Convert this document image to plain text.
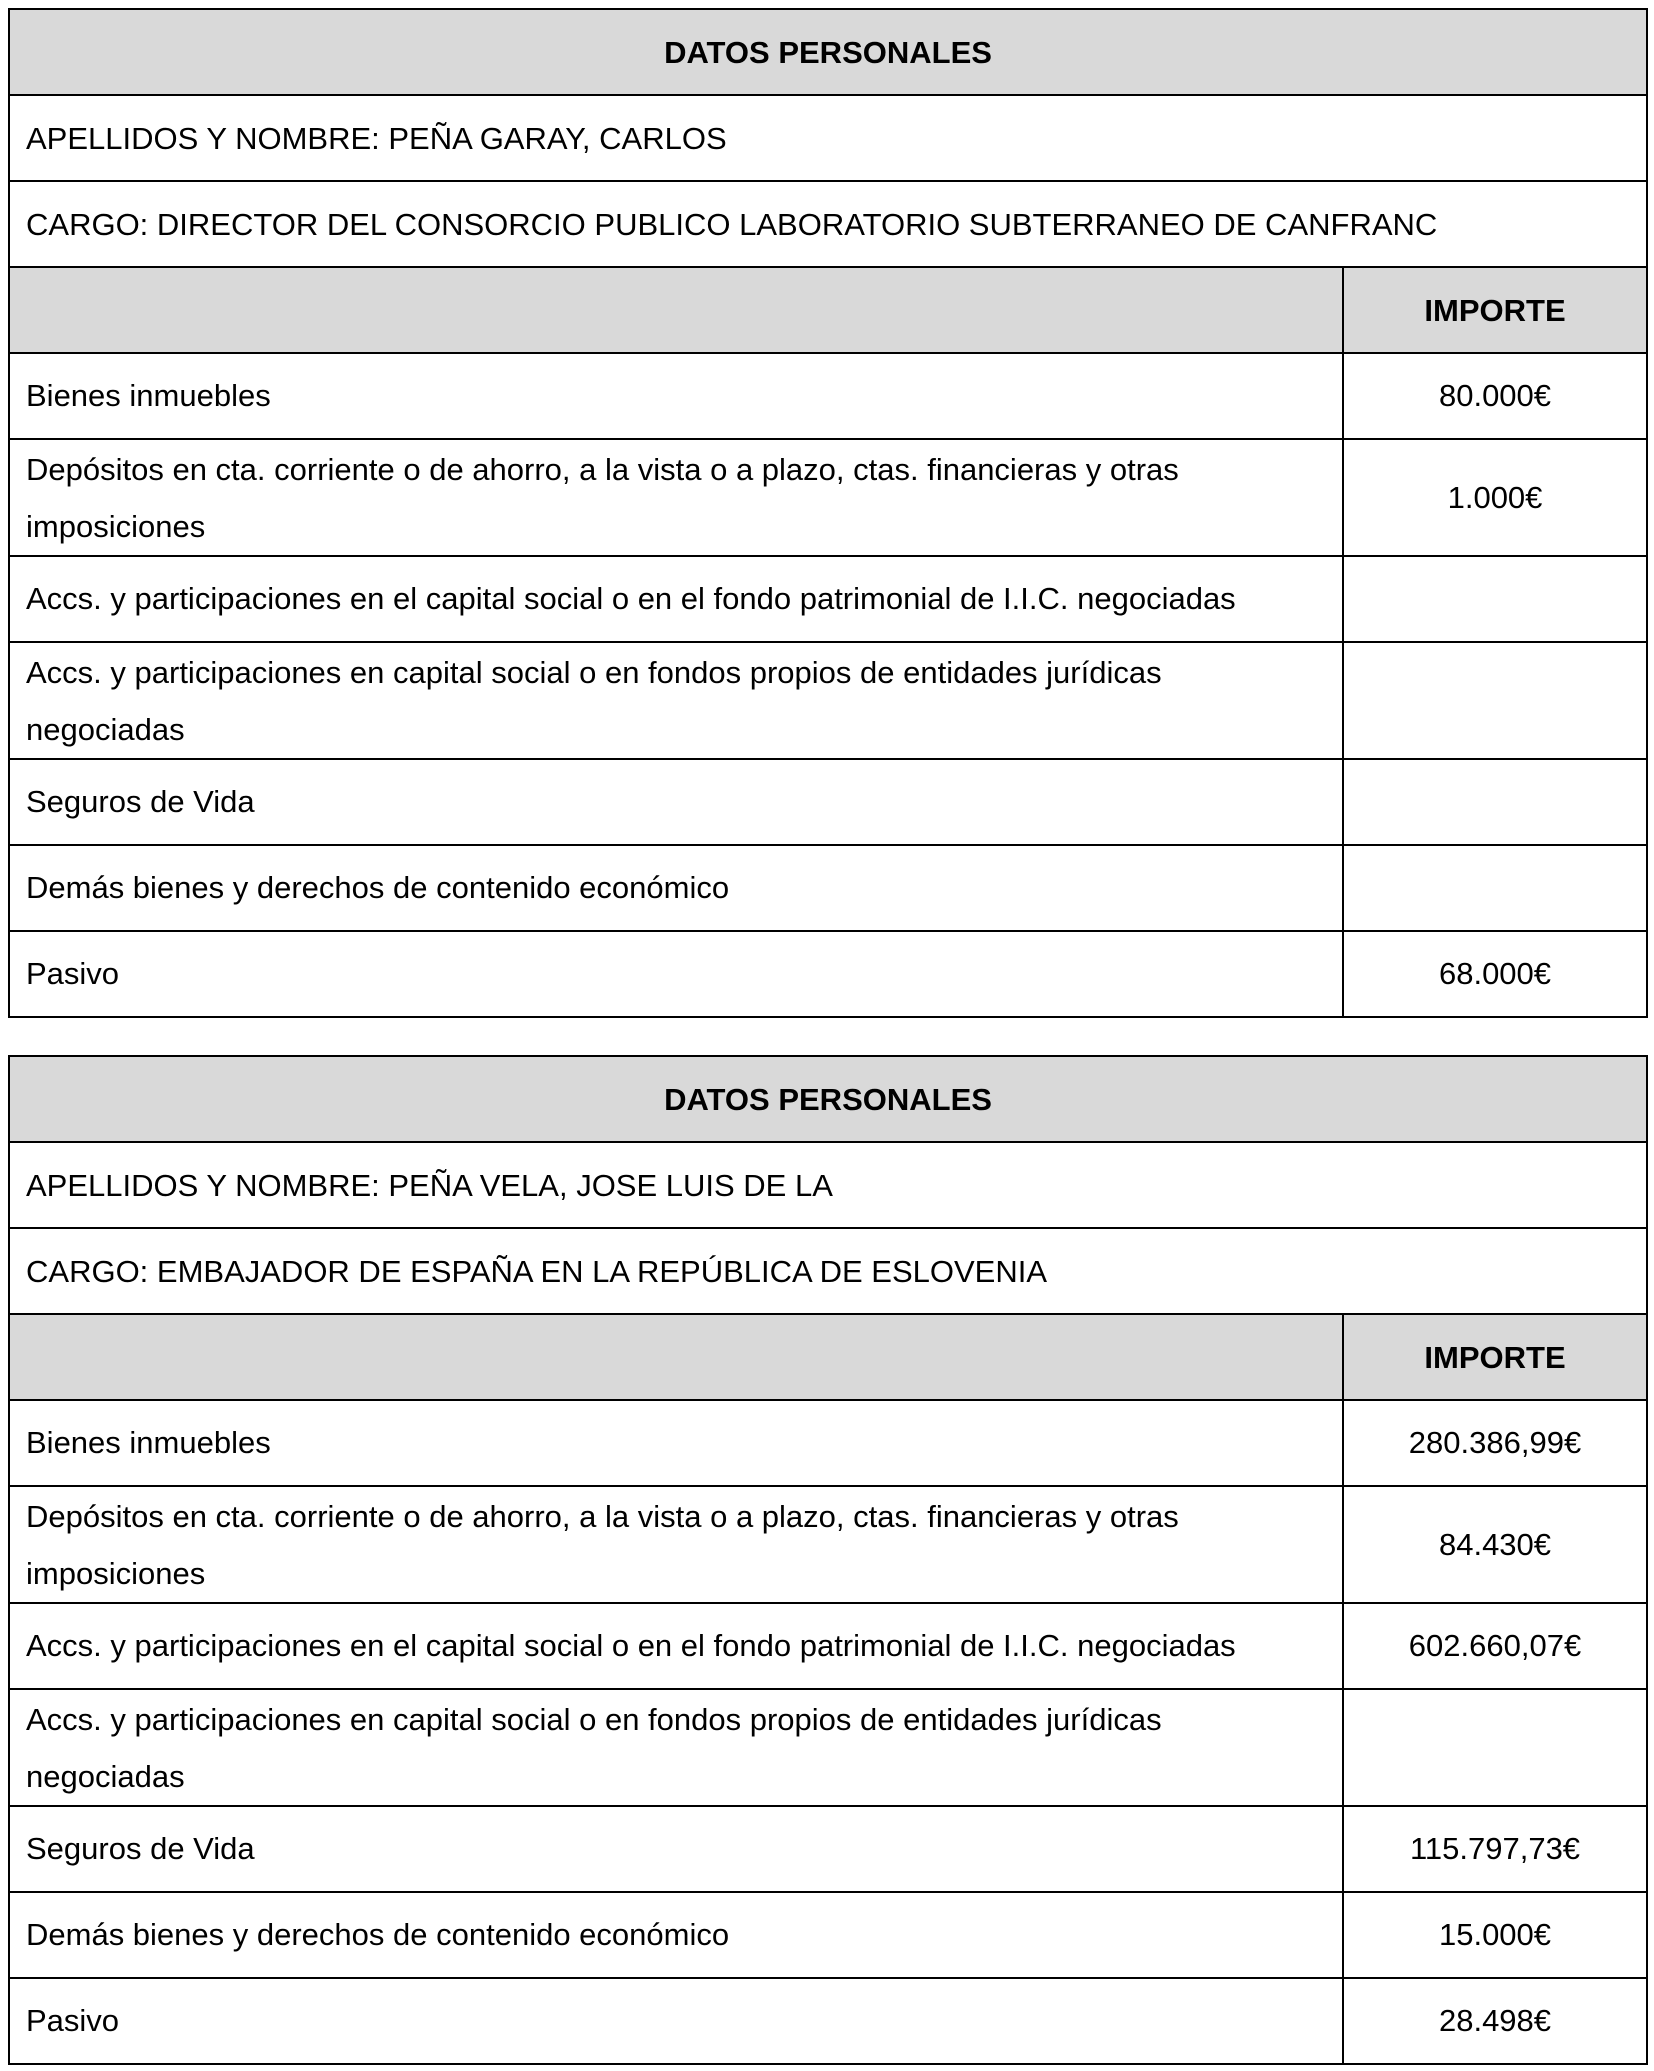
DATOS PERSONALES	
APELLIDOS Y NOMBRE: PEÑA GARAY, CARLOS	
CARGO: DIRECTOR DEL CONSORCIO PUBLICO LABORATORIO SUBTERRANEO DE CANFRANC	
	IMPORTE
Bienes inmuebles	80.000€
Depósitos en cta. corriente o de ahorro, a la vista o a plazo, ctas. financieras y otras imposiciones	1.000€
Accs. y participaciones en el capital social o en el fondo patrimonial de I.I.C. negociadas	
Accs. y participaciones en capital social o en fondos propios de entidades jurídicas negociadas	
Seguros de Vida	
Demás bienes y derechos de contenido económico	
Pasivo	68.000€
DATOS PERSONALES	
APELLIDOS Y NOMBRE: PEÑA VELA, JOSE LUIS DE LA	
CARGO: EMBAJADOR DE ESPAÑA EN LA REPÚBLICA DE ESLOVENIA	
	IMPORTE
Bienes inmuebles	280.386,99€
Depósitos en cta. corriente o de ahorro, a la vista o a plazo, ctas. financieras y otras imposiciones	84.430€
Accs. y participaciones en el capital social o en el fondo patrimonial de I.I.C. negociadas	602.660,07€
Accs. y participaciones en capital social o en fondos propios de entidades jurídicas negociadas	
Seguros de Vida	115.797,73€
Demás bienes y derechos de contenido económico	15.000€
Pasivo	28.498€
